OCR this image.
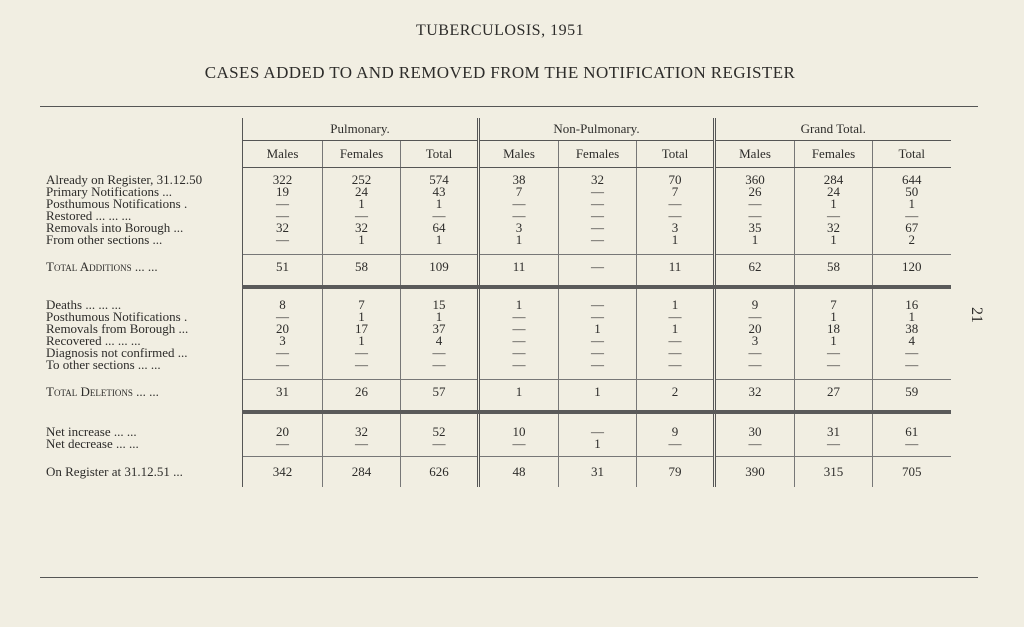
TUBERCULOSIS, 1951
CASES ADDED TO AND REMOVED FROM THE NOTIFICATION REGISTER
21
	Pulmonary.			Non-Pulmonary.			Grand Total.		
	Males	Females	Total	Males	Females	Total	Males	Females	Total

Already on Register, 31.12.50	322	252	574	38	32	70	360	284	644
Primary Notifications ...	19	24	43	7	—	7	26	24	50
Posthumous Notifications .	—	1	1	—	—	—	—	1	1
Restored ... ... ...	—	—	—	—	—	—	—	—	—
Removals into Borough ...	32	32	64	3	—	3	35	32	67
From other sections ...	—	1	1	1	—	1	1	1	2

Total Additions ... ...	51	58	109	11	—	11	62	58	120

Deaths ... ... ...	8	7	15	1	—	1	9	7	16
Posthumous Notifications .	—	1	1	—	—	—	—	1	1
Removals from Borough ...	20	17	37	—	1	1	20	18	38
Recovered ... ... ...	3	1	4	—	—	—	3	1	4
Diagnosis not confirmed ...	—	—	—	—	—	—	—	—	—
To other sections ... ...	—	—	—	—	—	—	—	—	—

Total Deletions ... ...	31	26	57	1	1	2	32	27	59

Net increase ... ...	20	32	52	10	—	9	30	31	61
Net decrease ... ...	—	—	—	—	1	—	—	—	—

On Register at 31.12.51 ...	342	284	626	48	31	79	390	315	705
